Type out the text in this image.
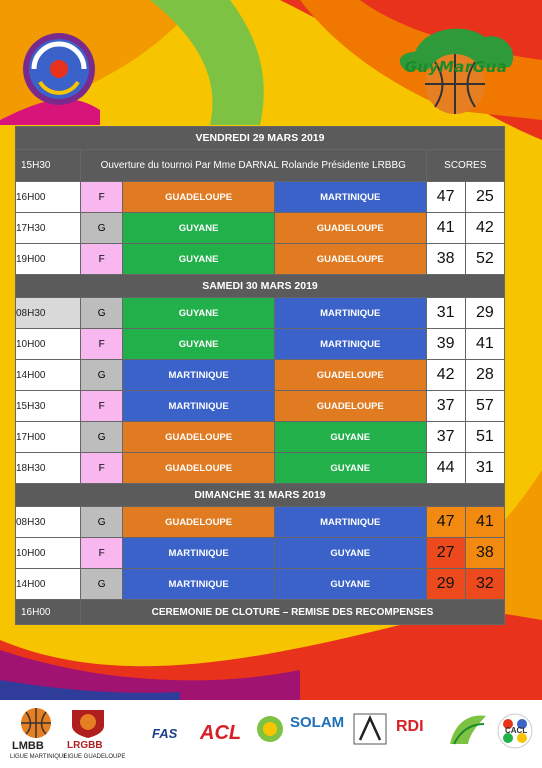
GuyMarGua
VENDREDI 29 MARS 2019					
15H30	Ouverture du tournoi Par Mme DARNAL Rolande Présidente LRBBG			SCORES	
16H00	F	GUADELOUPE	MARTINIQUE	47	25
17H30	G	GUYANE	GUADELOUPE	41	42
19H00	F	GUYANE	GUADELOUPE	38	52
SAMEDI 30 MARS 2019					
08H30	G	GUYANE	MARTINIQUE	31	29
10H00	F	GUYANE	MARTINIQUE	39	41
14H00	G	MARTINIQUE	GUADELOUPE	42	28
15H30	F	MARTINIQUE	GUADELOUPE	37	57
17H00	G	GUADELOUPE	GUYANE	37	51
18H30	F	GUADELOUPE	GUYANE	44	31
DIMANCHE 31 MARS 2019					
08H30	G	GUADELOUPE	MARTINIQUE	47	41
10H00	F	MARTINIQUE	GUYANE	27	38
14H00	G	MARTINIQUE	GUYANE	29	32
16H00	CEREMONIE DE CLOTURE – REMISE DES RECOMPENSES				
LMBB
LIGUE MARTINIQUE
LRGBB
LIGUE GUADELOUPE
FAS ACL	SOLAM	RDI	CACL
